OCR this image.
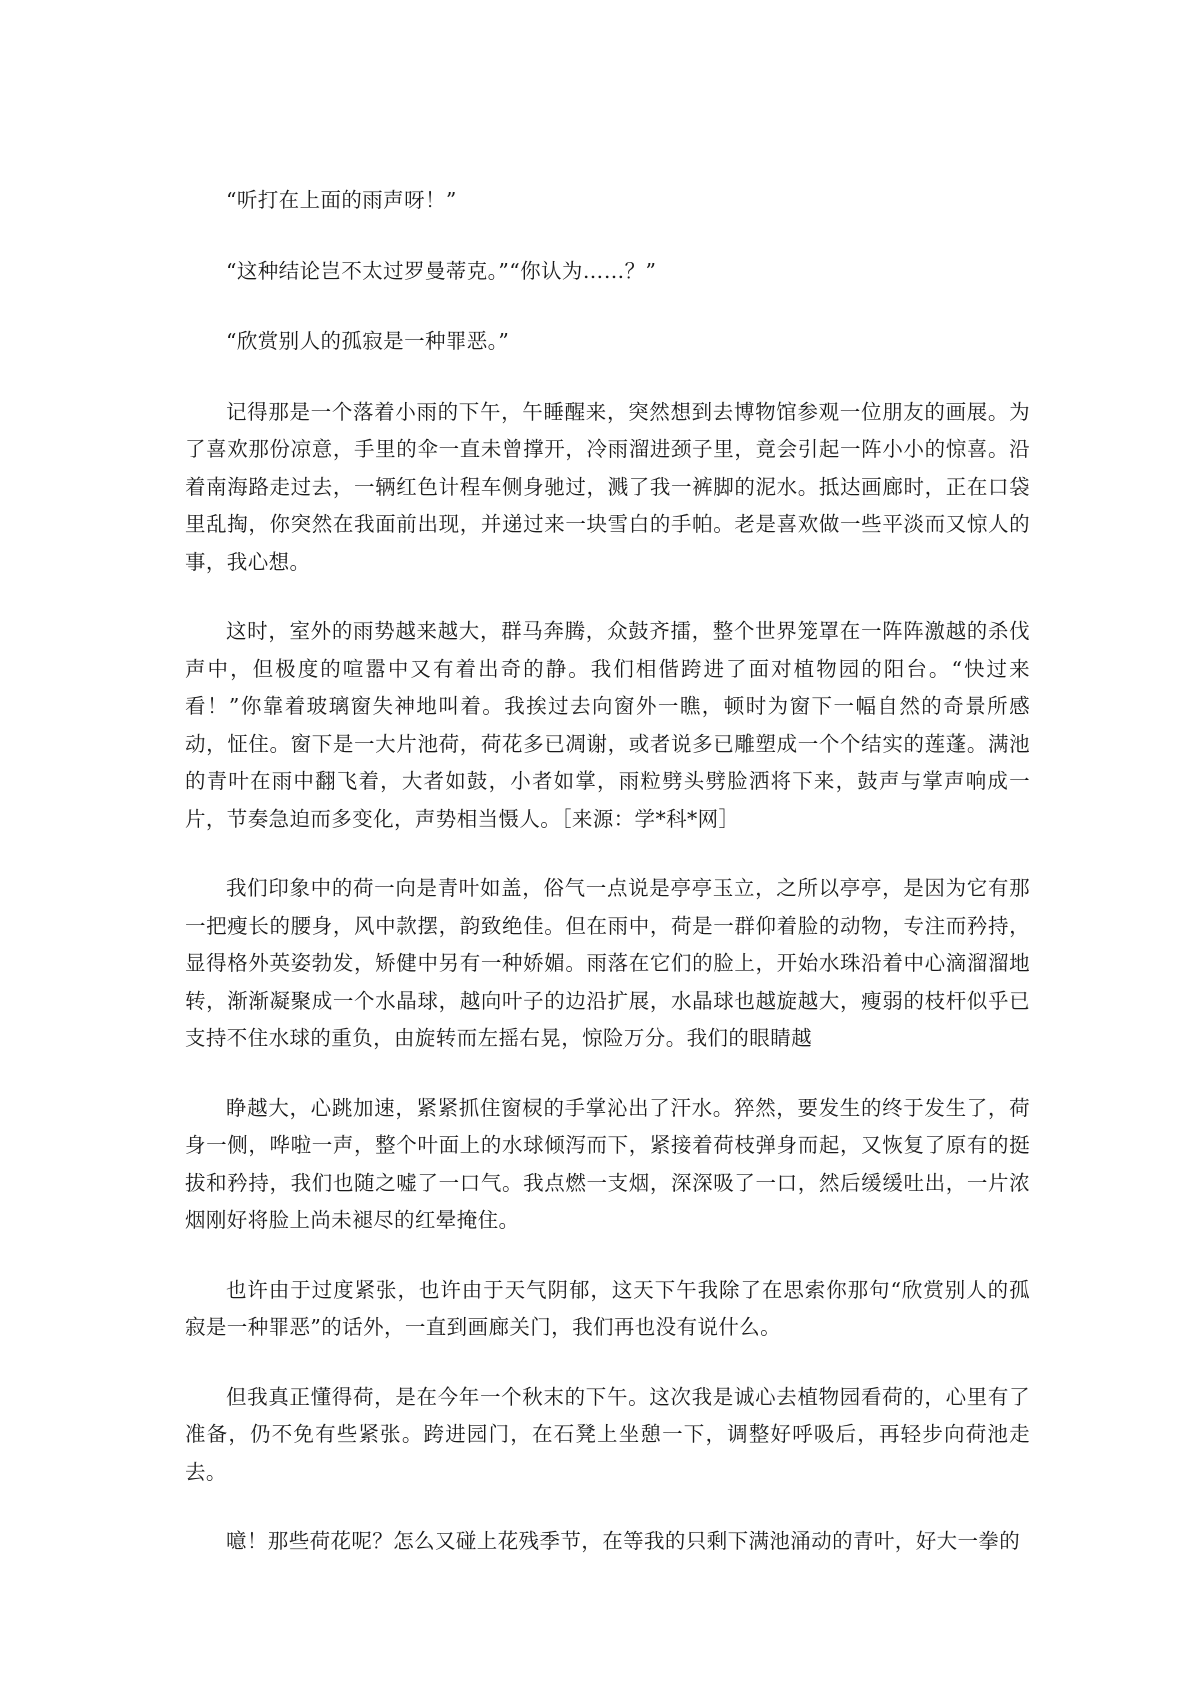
“听打在上面的雨声呀！”

“这种结论岂不太过罗曼蒂克。”“你认为……？”

“欣赏别人的孤寂是一种罪恶。”

记得那是一个落着小雨的下午，午睡醒来，突然想到去博物馆参观一位朋友的画展。为了喜欢那份凉意，手里的伞一直未曾撑开，冷雨溜进颈子里，竟会引起一阵小小的惊喜。沿着南海路走过去，一辆红色计程车侧身驰过，溅了我一裤脚的泥水。抵达画廊时，正在口袋里乱掏，你突然在我面前出现，并递过来一块雪白的手帕。老是喜欢做一些平淡而又惊人的事，我心想。

这时，室外的雨势越来越大，群马奔腾，众鼓齐擂，整个世界笼罩在一阵阵激越的杀伐声中，但极度的喧嚣中又有着出奇的静。我们相偕跨进了面对植物园的阳台。“快过来看！”你靠着玻璃窗失神地叫着。我挨过去向窗外一瞧，顿时为窗下一幅自然的奇景所感动，怔住。窗下是一大片池荷，荷花多已凋谢，或者说多已雕塑成一个个结实的莲蓬。满池的青叶在雨中翻飞着，大者如鼓，小者如掌，雨粒劈头劈脸洒将下来，鼓声与掌声响成一片，节奏急迫而多变化，声势相当慑人。［来源：学*科*网］

我们印象中的荷一向是青叶如盖，俗气一点说是亭亭玉立，之所以亭亭，是因为它有那一把瘦长的腰身，风中款摆，韵致绝佳。但在雨中，荷是一群仰着脸的动物，专注而矜持，显得格外英姿勃发，矫健中另有一种娇媚。雨落在它们的脸上，开始水珠沿着中心滴溜溜地转，渐渐凝聚成一个水晶球，越向叶子的边沿扩展，水晶球也越旋越大，瘦弱的枝杆似乎已支持不住水球的重负，由旋转而左摇右晃，惊险万分。我们的眼睛越

睁越大，心跳加速，紧紧抓住窗棂的手掌沁出了汗水。猝然，要发生的终于发生了，荷身一侧，哗啦一声，整个叶面上的水球倾泻而下，紧接着荷枝弹身而起，又恢复了原有的挺拔和矜持，我们也随之嘘了一口气。我点燃一支烟，深深吸了一口，然后缓缓吐出，一片浓烟刚好将脸上尚未褪尽的红晕掩住。

也许由于过度紧张，也许由于天气阴郁，这天下午我除了在思索你那句“欣赏别人的孤寂是一种罪恶”的话外，一直到画廊关门，我们再也没有说什么。

但我真正懂得荷，是在今年一个秋末的下午。这次我是诚心去植物园看荷的，心里有了准备，仍不免有些紧张。跨进园门，在石凳上坐憩一下，调整好呼吸后，再轻步向荷池走去。

噫！那些荷花呢？怎么又碰上花残季节，在等我的只剩下满池涌动的青叶，好大一拳的
